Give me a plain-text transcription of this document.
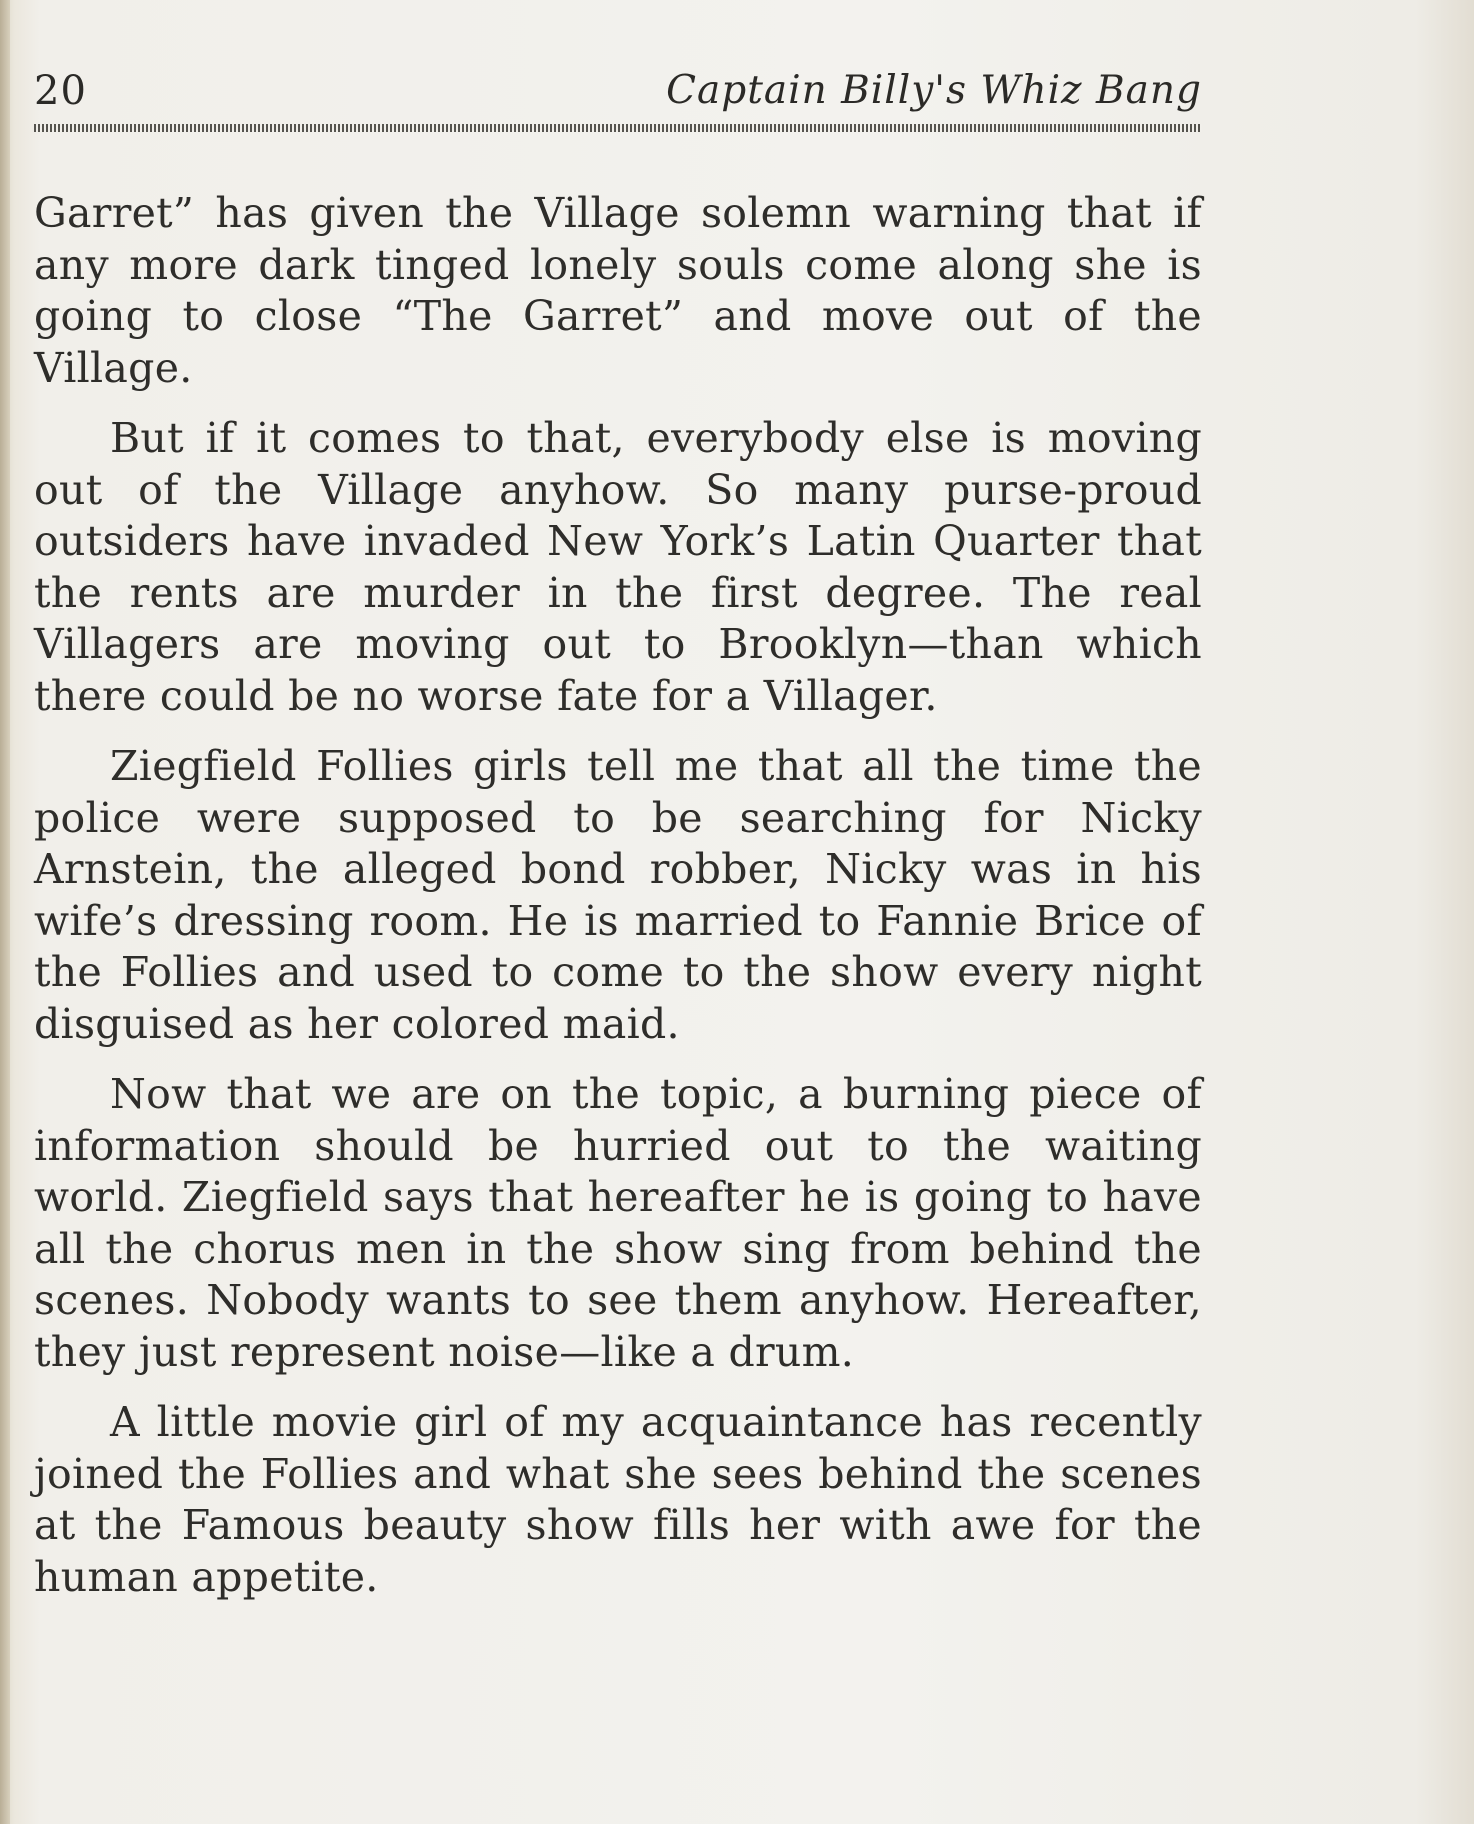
20	Captain Billy's Whiz Bang

Garret” has given the Village solemn warning that if any more dark tinged lonely souls come along she is going to close “The Garret” and move out of the Village.

But if it comes to that, everybody else is moving out of the Village anyhow. So many purse-proud outsiders have invaded New York’s Latin Quarter that the rents are murder in the first degree. The real Villagers are moving out to Brooklyn—than which there could be no worse fate for a Villager.

Ziegfield Follies girls tell me that all the time the police were supposed to be searching for Nicky Arnstein, the alleged bond robber, Nicky was in his wife’s dressing room. He is married to Fannie Brice of the Follies and used to come to the show every night disguised as her colored maid.

Now that we are on the topic, a burning piece of information should be hurried out to the waiting world. Ziegfield says that hereafter he is going to have all the chorus men in the show sing from behind the scenes. Nobody wants to see them anyhow. Hereafter, they just represent noise—like a drum.

A little movie girl of my acquaintance has recently joined the Follies and what she sees behind the scenes at the Famous beauty show fills her with awe for the human appetite.
